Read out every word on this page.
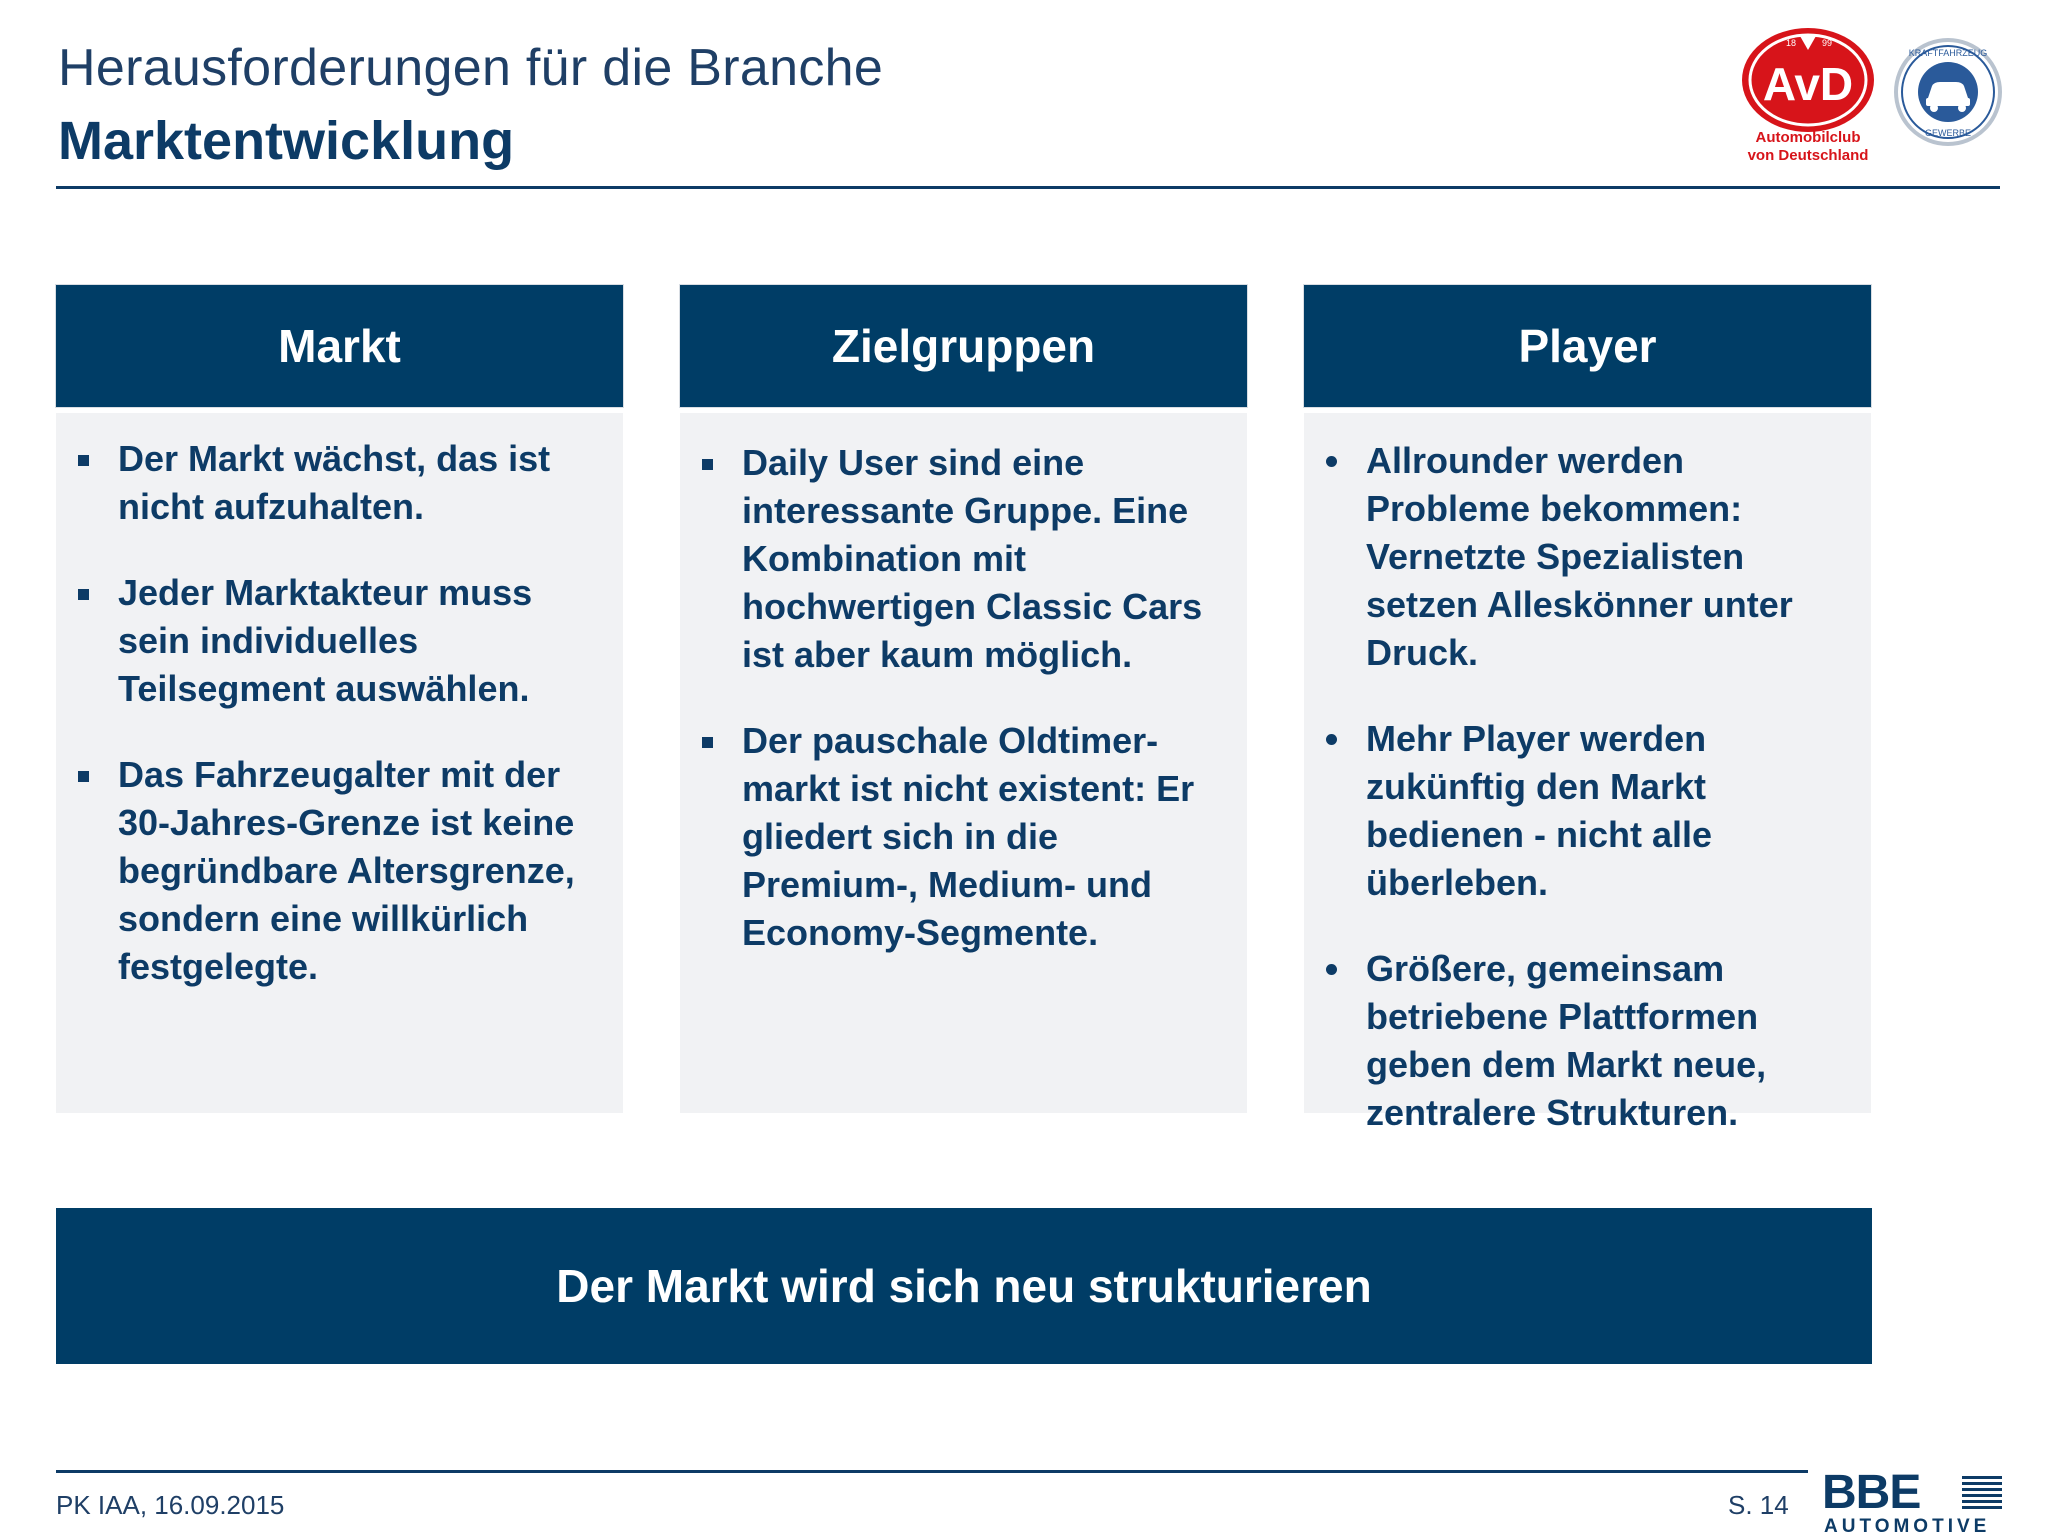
Herausforderungen für die Branche
Marktentwicklung
18	99
AvD
Automobilclub
von Deutschland
KRAFTFAHRZEUG
GEWERBE
Markt
Der Markt wächst, das ist nicht aufzuhalten.
Jeder Marktakteur muss sein individuelles Teilsegment auswählen.
Das Fahrzeugalter mit der 30-Jahres-Grenze ist keine begründbare Altersgrenze, sondern eine willkürlich festgelegte.
Zielgruppen
Daily User sind eine interessante Gruppe. Eine Kombination mit hochwertigen Classic Cars ist aber kaum möglich.
Der pauschale Oldtimer-markt ist nicht existent: Er gliedert sich in die Premium-, Medium- und Economy-Segmente.
Player
Allrounder werden Probleme bekommen: Vernetzte Spezialisten setzen Alleskönner unter Druck.
Mehr Player werden zukünftig den Markt bedienen - nicht alle überleben.
Größere, gemeinsam betriebene Plattformen geben dem Markt neue, zentralere Strukturen.
Der Markt wird sich neu strukturieren
PK IAA, 16.09.2015	S. 14 BBE
AUTOMOTIVE
